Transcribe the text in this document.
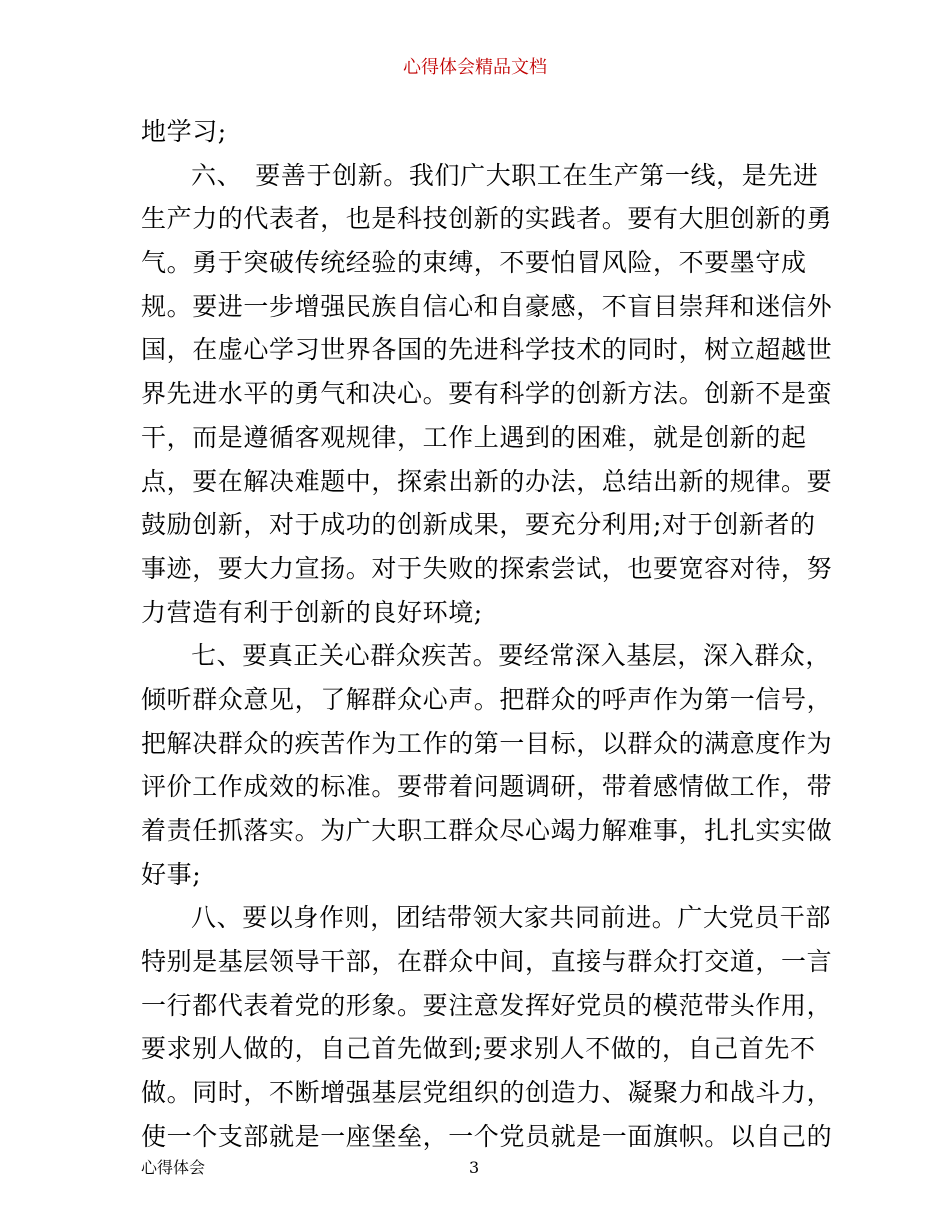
心得体会精品文档
地学习;
六、　要善于创新。我们广大职工在生产第一线，是先进
生产力的代表者，也是科技创新的实践者。要有大胆创新的勇
气。勇于突破传统经验的束缚，不要怕冒风险，不要墨守成
规。要进一步增强民族自信心和自豪感，不盲目崇拜和迷信外
国，在虚心学习世界各国的先进科学技术的同时，树立超越世
界先进水平的勇气和决心。要有科学的创新方法。创新不是蛮
干，而是遵循客观规律，工作上遇到的困难，就是创新的起
点，要在解决难题中，探索出新的办法，总结出新的规律。要
鼓励创新，对于成功的创新成果，要充分利用;对于创新者的
事迹，要大力宣扬。对于失败的探索尝试，也要宽容对待，努
力营造有利于创新的良好环境;
七、要真正关心群众疾苦。要经常深入基层，深入群众，
倾听群众意见，了解群众心声。把群众的呼声作为第一信号，
把解决群众的疾苦作为工作的第一目标，以群众的满意度作为
评价工作成效的标准。要带着问题调研，带着感情做工作，带
着责任抓落实。为广大职工群众尽心竭力解难事，扎扎实实做
好事;
八、要以身作则，团结带领大家共同前进。广大党员干部
特别是基层领导干部，在群众中间，直接与群众打交道，一言
一行都代表着党的形象。要注意发挥好党员的模范带头作用，
要求别人做的，自己首先做到;要求别人不做的，自己首先不
做。同时，不断增强基层党组织的创造力、凝聚力和战斗力，
使一个支部就是一座堡垒，一个党员就是一面旗帜。以自己的
心得体会	3
